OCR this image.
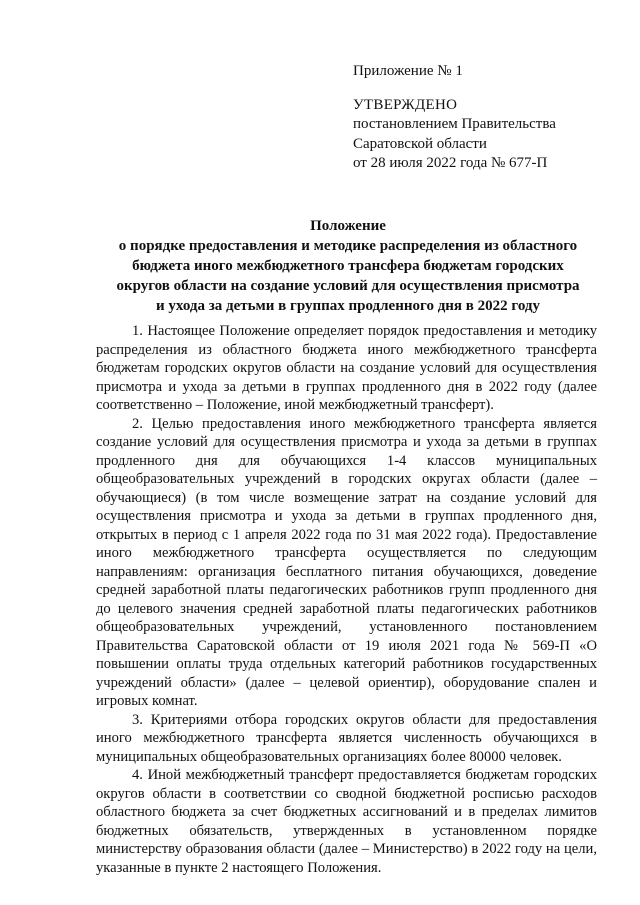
Приложение № 1
УТВЕРЖДЕНО
постановлением Правительства
Саратовской области
от 28 июля 2022 года № 677-П
Положение
о порядке предоставления и методике распределения из областного
бюджета иного межбюджетного трансфера бюджетам городских
округов области на создание условий для осуществления присмотра
и ухода за детьми в группах продленного дня в 2022 году

1. Настоящее Положение определяет порядок предоставления и методику распределения из областного бюджета иного межбюджетного трансферта бюджетам городских округов области на создание условий для осуществления присмотра и ухода за детьми в группах продленного дня в 2022 году (далее соответственно – Положение, иной межбюджетный трансферт).

2. Целью предоставления иного межбюджетного трансферта является создание условий для осуществления присмотра и ухода за детьми в группах продленного дня для обучающихся 1-4 классов муниципальных общеобразовательных учреждений в городских округах области (далее – обучающиеся) (в том числе возмещение затрат на создание условий для осуществления присмотра и ухода за детьми в группах продленного дня, открытых в период с 1 апреля 2022 года по 31 мая 2022 года). Предоставление иного межбюджетного трансферта осуществляется по следующим направлениям: организация бесплатного питания обучающихся, доведение средней заработной платы педагогических работников групп продленного дня до целевого значения средней заработной платы педагогических работников общеобразовательных учреждений, установленного постановлением Правительства Саратовской области от 19 июля 2021 года № 569-П «О повышении оплаты труда отдельных категорий работников государственных учреждений области» (далее – целевой ориентир), оборудование спален и игровых комнат.

3. Критериями отбора городских округов области для предоставления иного межбюджетного трансферта является численность обучающихся в муниципальных общеобразовательных организациях более 80000 человек.

4. Иной межбюджетный трансферт предоставляется бюджетам городских округов области в соответствии со сводной бюджетной росписью расходов областного бюджета за счет бюджетных ассигнований и в пределах лимитов бюджетных обязательств, утвержденных в установленном порядке министерству образования области (далее – Министерство) в 2022 году на цели, указанные в пункте 2 настоящего Положения.
